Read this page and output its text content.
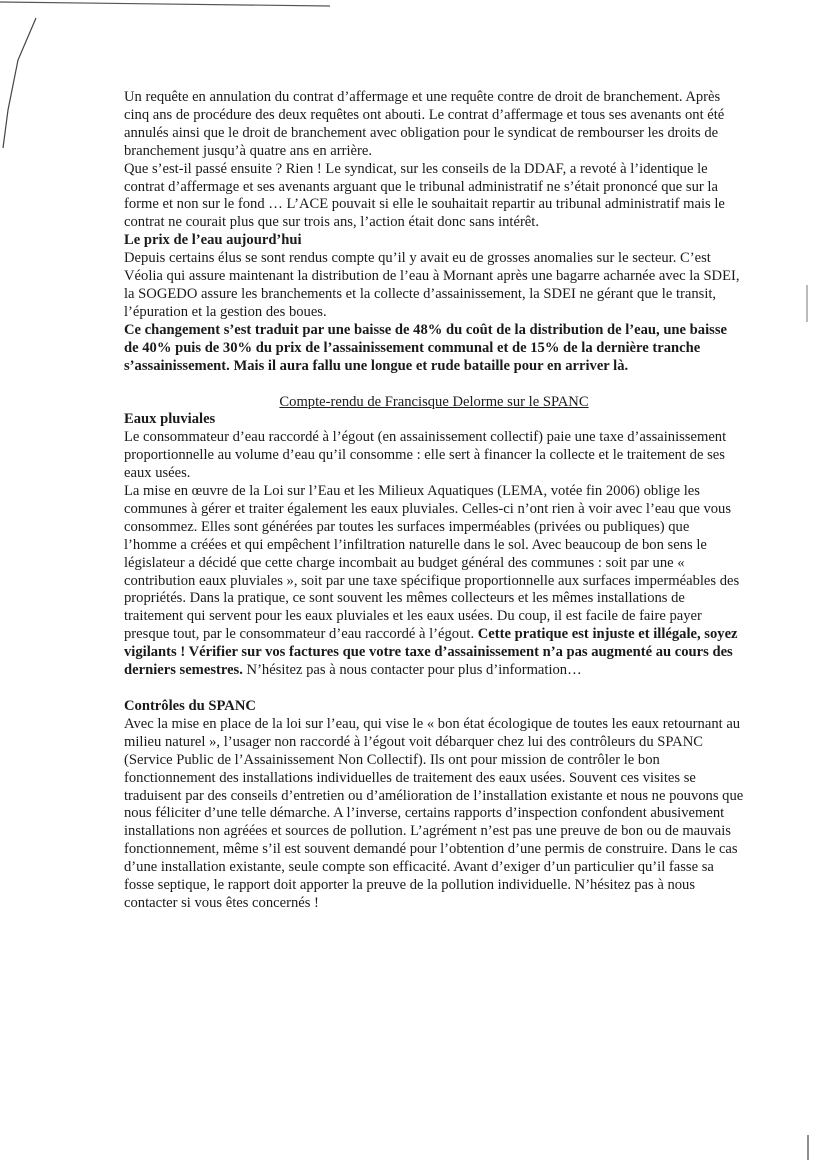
Un requête en annulation du contrat d’affermage et une requête contre de droit de branchement. Après cinq ans de procédure des deux requêtes ont abouti. Le contrat d’affermage et tous ses avenants ont été annulés ainsi que le droit de branchement avec obligation pour le syndicat de rembourser les droits de branchement jusqu’à quatre ans en arrière.

Que s’est-il passé ensuite ? Rien ! Le syndicat, sur les conseils de la DDAF, a revoté à l’identique le contrat d’affermage et ses avenants arguant que le tribunal administratif ne s’était prononcé que sur la forme et non sur le fond … L’ACE pouvait si elle le souhaitait repartir au tribunal administratif mais le contrat ne courait plus que sur trois ans, l’action était donc sans intérêt.

Le prix de l’eau aujourd’hui

Depuis certains élus se sont rendus compte qu’il y avait eu de grosses anomalies sur le secteur. C’est Véolia qui assure maintenant la distribution de l’eau à Mornant après une bagarre acharnée avec la SDEI, la SOGEDO assure les branchements et la collecte d’assainissement, la SDEI ne gérant que le transit, l’épuration et la gestion des boues.

Ce changement s’est traduit par une baisse de 48% du coût de la distribution de l’eau, une baisse de 40% puis de 30% du prix de l’assainissement communal et de 15% de la dernière tranche s’assainissement. Mais il aura fallu une longue et rude bataille pour en arriver là.

Compte-rendu de Francisque Delorme sur le SPANC

Eaux pluviales

Le consommateur d’eau raccordé à l’égout (en assainissement collectif) paie une taxe d’assainissement proportionnelle au volume d’eau qu’il consomme : elle sert à financer la collecte et le traitement de ses eaux usées.

La mise en œuvre de la Loi sur l’Eau et les Milieux Aquatiques (LEMA, votée fin 2006) oblige les communes à gérer et traiter également les eaux pluviales. Celles-ci n’ont rien à voir avec l’eau que vous consommez. Elles sont générées par toutes les surfaces imperméables (privées ou publiques) que l’homme a créées et qui empêchent l’infiltration naturelle dans le sol. Avec beaucoup de bon sens le législateur a décidé que cette charge incombait au budget général des communes : soit par une « contribution eaux pluviales », soit par une taxe spécifique proportionnelle aux surfaces imperméables des propriétés. Dans la pratique, ce sont souvent les mêmes collecteurs et les mêmes installations de traitement qui servent pour les eaux pluviales et les eaux usées. Du coup, il est facile de faire payer presque tout, par le consommateur d’eau raccordé à l’égout. Cette pratique est injuste et illégale, soyez vigilants ! Vérifier sur vos factures que votre taxe d’assainissement n’a pas augmenté au cours des derniers semestres. N’hésitez pas à nous contacter pour plus d’information…

Contrôles du SPANC

Avec la mise en place de la loi sur l’eau, qui vise le « bon état écologique de toutes les eaux retournant au milieu naturel », l’usager non raccordé à l’égout voit débarquer chez lui des contrôleurs du SPANC (Service Public de l’Assainissement Non Collectif). Ils ont pour mission de contrôler le bon fonctionnement des installations individuelles de traitement des eaux usées. Souvent ces visites se traduisent par des conseils d’entretien ou d’amélioration de l’installation existante et nous ne pouvons que nous féliciter d’une telle démarche. A l’inverse, certains rapports d’inspection confondent abusivement installations non agréées et sources de pollution. L’agrément n’est pas une preuve de bon ou de mauvais fonctionnement, même s’il est souvent demandé pour l’obtention d’une permis de construire. Dans le cas d’une installation existante, seule compte son efficacité. Avant d’exiger d’un particulier qu’il fasse sa fosse septique, le rapport doit apporter la preuve de la pollution individuelle. N’hésitez pas à nous contacter si vous êtes concernés !
